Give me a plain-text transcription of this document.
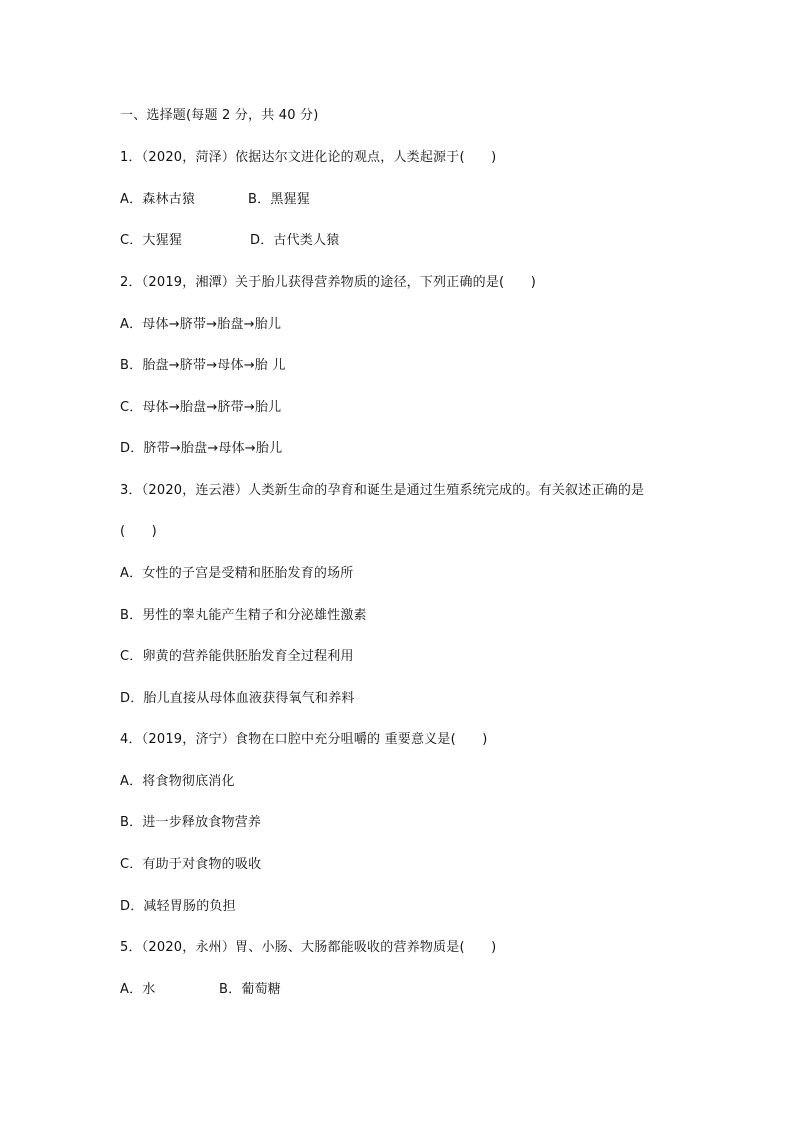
一、选择题(每题 2 分，共 40 分)
1．（2020，菏泽）依据达尔文进化论的观点，人类起源于(　　)
A．森林古猿	B．黑猩猩
C．大猩猩	D．古代类人猿
2．（2019，湘潭）关于胎儿获得营养物质的途径，下列正确的是(　　)
A．母体→脐带→胎盘→胎儿
B．胎盘→脐带→母体→胎 儿
C．母体→胎盘→脐带→胎儿
D．脐带→胎盘→母体→胎儿
3．（2020，连云港）人类新生命的孕育和诞生是通过生殖系统完成的。有关叙述正确的是
(　　)
A．女性的子宫是受精和胚胎发育的场所
B．男性的睾丸能产生精子和分泌雄性激素
C．卵黄的营养能供胚胎发育全过程利用
D．胎儿直接从母体血液获得氧气和养料
4．（2019，济宁）食物在口腔中充分咀嚼的 重要意义是(　　)
A．将食物彻底消化
B．进一步释放食物营养
C．有助于对食物的吸收
D．减轻胃肠的负担
5．（2020，永州）胃、小肠、大肠都能吸收的营养物质是(　　)
A．水	B．葡萄糖
